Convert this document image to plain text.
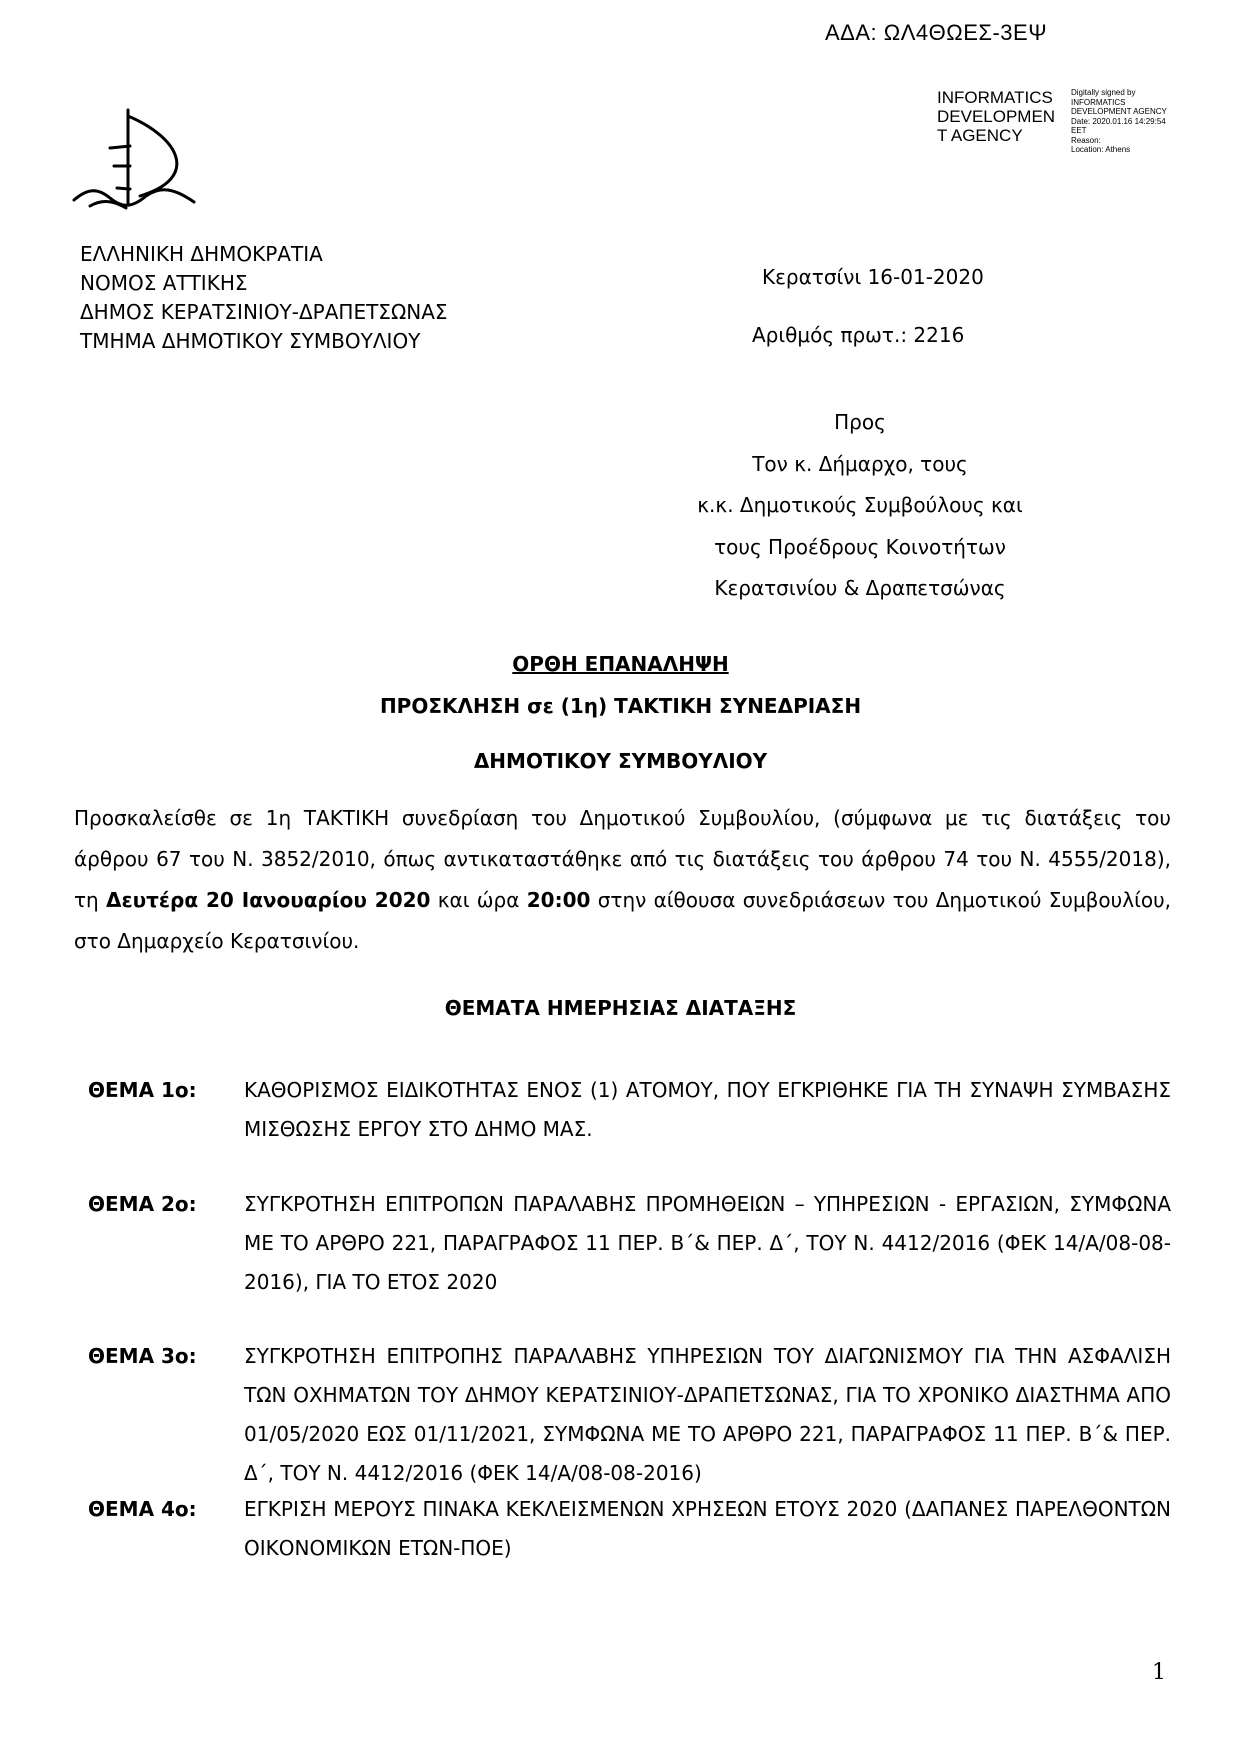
ΑΔΑ: ΩΛ4ΘΩΕΣ-3ΕΨ
INFORMATICS
DEVELOPMEN
T AGENCY
Digitally signed by
INFORMATICS
DEVELOPMENT AGENCY
Date: 2020.01.16 14:29:54
EET
Reason:
Location: Athens
ΕΛΛΗΝΙΚΗ ΔΗΜΟΚΡΑΤΙΑ
ΝΟΜΟΣ ΑΤΤΙΚΗΣ
ΔΗΜΟΣ ΚΕΡΑΤΣΙΝΙΟΥ-ΔΡΑΠΕΤΣΩΝΑΣ
ΤΜΗΜΑ ΔΗΜΟΤΙΚΟΥ ΣΥΜΒΟΥΛΙΟΥ
Κερατσίνι 16-01-2020
Αριθμός πρωτ.: 2216
Προς
Τον κ. Δήμαρχο, τους
κ.κ. Δημοτικούς Συμβούλους και
τους Προέδρους Κοινοτήτων
Κερατσινίου & Δραπετσώνας
ΟΡΘΗ ΕΠΑΝΑΛΗΨΗ
ΠΡΟΣΚΛΗΣΗ σε (1η) ΤΑΚΤΙΚΗ ΣΥΝΕΔΡΙΑΣΗ
ΔΗΜΟΤΙΚΟΥ ΣΥΜΒΟΥΛΙΟΥ
Προσκαλείσθε σε 1η ΤΑΚΤΙΚΗ συνεδρίαση του Δημοτικού Συμβουλίου, (σύμφωνα με τις διατάξεις του άρθρου 67 του Ν. 3852/2010, όπως αντικαταστάθηκε από τις διατάξεις του άρθρου 74 του Ν. 4555/2018), τη Δευτέρα 20 Ιανουαρίου 2020 και ώρα 20:00 στην αίθουσα συνεδριάσεων του Δημοτικού Συμβουλίου, στο Δημαρχείο Κερατσινίου.
ΘΕΜΑΤΑ ΗΜΕΡΗΣΙΑΣ ΔΙΑΤΑΞΗΣ
ΘΕΜΑ 1ο: ΚΑΘΟΡΙΣΜΟΣ ΕΙΔΙΚΟΤΗΤΑΣ ΕΝΟΣ (1) ΑΤΟΜΟΥ, ΠΟΥ ΕΓΚΡΙΘΗΚΕ ΓΙΑ ΤΗ ΣΥΝΑΨΗ ΣΥΜΒΑΣΗΣ ΜΙΣΘΩΣΗΣ ΕΡΓΟΥ ΣΤΟ ΔΗΜΟ ΜΑΣ.
ΘΕΜΑ 2ο: ΣΥΓΚΡΟΤΗΣΗ ΕΠΙΤΡΟΠΩΝ ΠΑΡΑΛΑΒΗΣ ΠΡΟΜΗΘΕΙΩΝ – ΥΠΗΡΕΣΙΩΝ - ΕΡΓΑΣΙΩΝ, ΣΥΜΦΩΝΑ ΜΕ ΤΟ ΑΡΘΡΟ 221, ΠΑΡΑΓΡΑΦΟΣ 11 ΠΕΡ. Β΄& ΠΕΡ. Δ΄, ΤΟΥ Ν. 4412/2016 (ΦΕΚ 14/Α/08-08-2016), ΓΙΑ ΤΟ ΕΤΟΣ 2020
ΘΕΜΑ 3ο: ΣΥΓΚΡΟΤΗΣΗ ΕΠΙΤΡΟΠΗΣ ΠΑΡΑΛΑΒΗΣ ΥΠΗΡΕΣΙΩΝ ΤΟΥ ΔΙΑΓΩΝΙΣΜΟΥ ΓΙΑ ΤΗΝ ΑΣΦΑΛΙΣΗ ΤΩΝ ΟΧΗΜΑΤΩΝ ΤΟΥ ΔΗΜΟΥ ΚΕΡΑΤΣΙΝΙΟΥ-ΔΡΑΠΕΤΣΩΝΑΣ, ΓΙΑ ΤΟ ΧΡΟΝΙΚΟ ΔΙΑΣΤΗΜΑ ΑΠΟ 01/05/2020 ΕΩΣ 01/11/2021, ΣΥΜΦΩΝΑ ΜΕ ΤΟ ΑΡΘΡΟ 221, ΠΑΡΑΓΡΑΦΟΣ 11 ΠΕΡ. Β΄& ΠΕΡ. Δ΄, ΤΟΥ Ν. 4412/2016 (ΦΕΚ 14/Α/08-08-2016)
ΘΕΜΑ 4ο: ΕΓΚΡΙΣΗ ΜΕΡΟΥΣ ΠΙΝΑΚΑ ΚΕΚΛΕΙΣΜΕΝΩΝ ΧΡΗΣΕΩΝ ΕΤΟΥΣ 2020 (ΔΑΠΑΝΕΣ ΠΑΡΕΛΘΟΝΤΩΝ ΟΙΚΟΝΟΜΙΚΩΝ ΕΤΩΝ-ΠΟΕ)
1
